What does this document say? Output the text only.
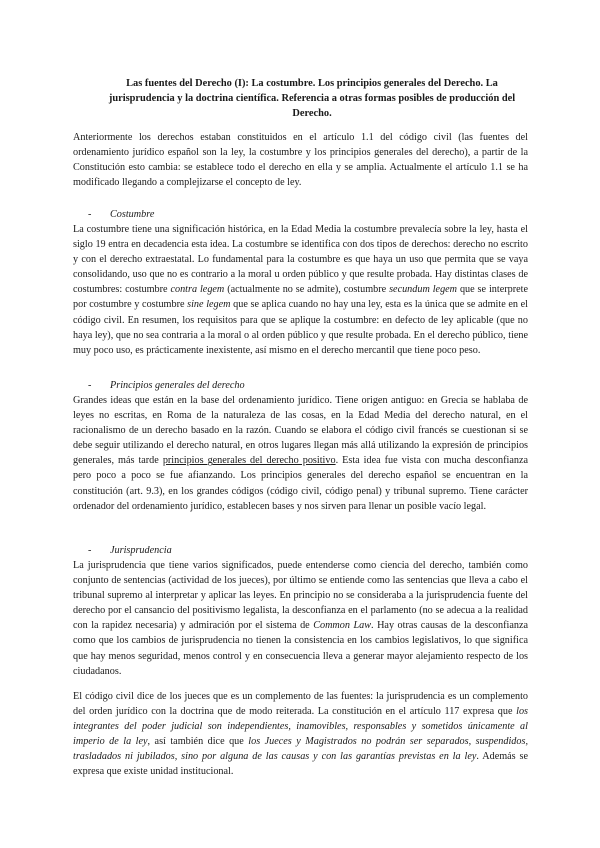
Las fuentes del Derecho (I): La costumbre. Los principios generales del Derecho. La jurisprudencia y la doctrina científica. Referencia a otras formas posibles de producción del Derecho.

Anteriormente los derechos estaban constituidos en el artículo 1.1 del código civil (las fuentes del ordenamiento jurídico español son la ley, la costumbre y los principios generales del derecho), a partir de la Constitución esto cambia: se establece todo el derecho en ella y se amplia. Actualmente el artículo 1.1 se ha modificado llegando a complejizarse el concepto de ley.

- Costumbre

La costumbre tiene una significación histórica, en la Edad Media la costumbre prevalecía sobre la ley, hasta el siglo 19 entra en decadencia esta idea. La costumbre se identifica con dos tipos de derechos: derecho no escrito y con el derecho extraestatal. Lo fundamental para la costumbre es que haya un uso que permita que se vaya consolidando, uso que no es contrario a la moral u orden público y que resulte probada. Hay distintas clases de costumbres: costumbre contra legem (actualmente no se admite), costumbre secundum legem que se interprete por costumbre y costumbre sine legem que se aplica cuando no hay una ley, esta es la única que se admite en el código civil. En resumen, los requisitos para que se aplique la costumbre: en defecto de ley aplicable (que no haya ley), que no sea contraria a la moral o al orden público y que resulte probada. En el derecho público, tiene muy poco uso, es prácticamente inexistente, así mismo en el derecho mercantil que tiene poco peso.

- Principios generales del derecho

Grandes ideas que están en la base del ordenamiento jurídico. Tiene origen antiguo: en Grecia se hablaba de leyes no escritas, en Roma de la naturaleza de las cosas, en la Edad Media del derecho natural, en el racionalismo de un derecho basado en la razón. Cuando se elabora el código civil francés se cuestionan si se debe seguir utilizando el derecho natural, en otros lugares llegan más allá utilizando la expresión de principios generales, más tarde principios generales del derecho positivo. Esta idea fue vista con mucha desconfianza pero poco a poco se fue afianzando. Los principios generales del derecho español se encuentran en la constitución (art. 9.3), en los grandes códigos (código civil, código penal) y tribunal supremo. Tiene carácter ordenador del ordenamiento jurídico, establecen bases y nos sirven para llenar un posible vacío legal.

- Jurisprudencia

La jurisprudencia que tiene varios significados, puede entenderse como ciencia del derecho, también como conjunto de sentencias (actividad de los jueces), por último se entiende como las sentencias que lleva a cabo el tribunal supremo al interpretar y aplicar las leyes. En principio no se consideraba a la jurisprudencia fuente del derecho por el cansancio del positivismo legalista, la desconfianza en el parlamento (no se adecua a la realidad con la rapidez necesaria) y admiración por el sistema de Common Law. Hay otras causas de la desconfianza como que los cambios de jurisprudencia no tienen la consistencia en los cambios legislativos, lo que significa que hay menos seguridad, menos control y en consecuencia lleva a generar mayor alejamiento respecto de los ciudadanos.

El código civil dice de los jueces que es un complemento de las fuentes: la jurisprudencia es un complemento del orden jurídico con la doctrina que de modo reiterada. La constitución en el artículo 117 expresa que los integrantes del poder judicial son independientes, inamovibles, responsables y sometidos únicamente al imperio de la ley, así también dice que los Jueces y Magistrados no podrán ser separados, suspendidos, trasladados ni jubilados, sino por alguna de las causas y con las garantías previstas en la ley. Además se expresa que existe unidad institucional.
